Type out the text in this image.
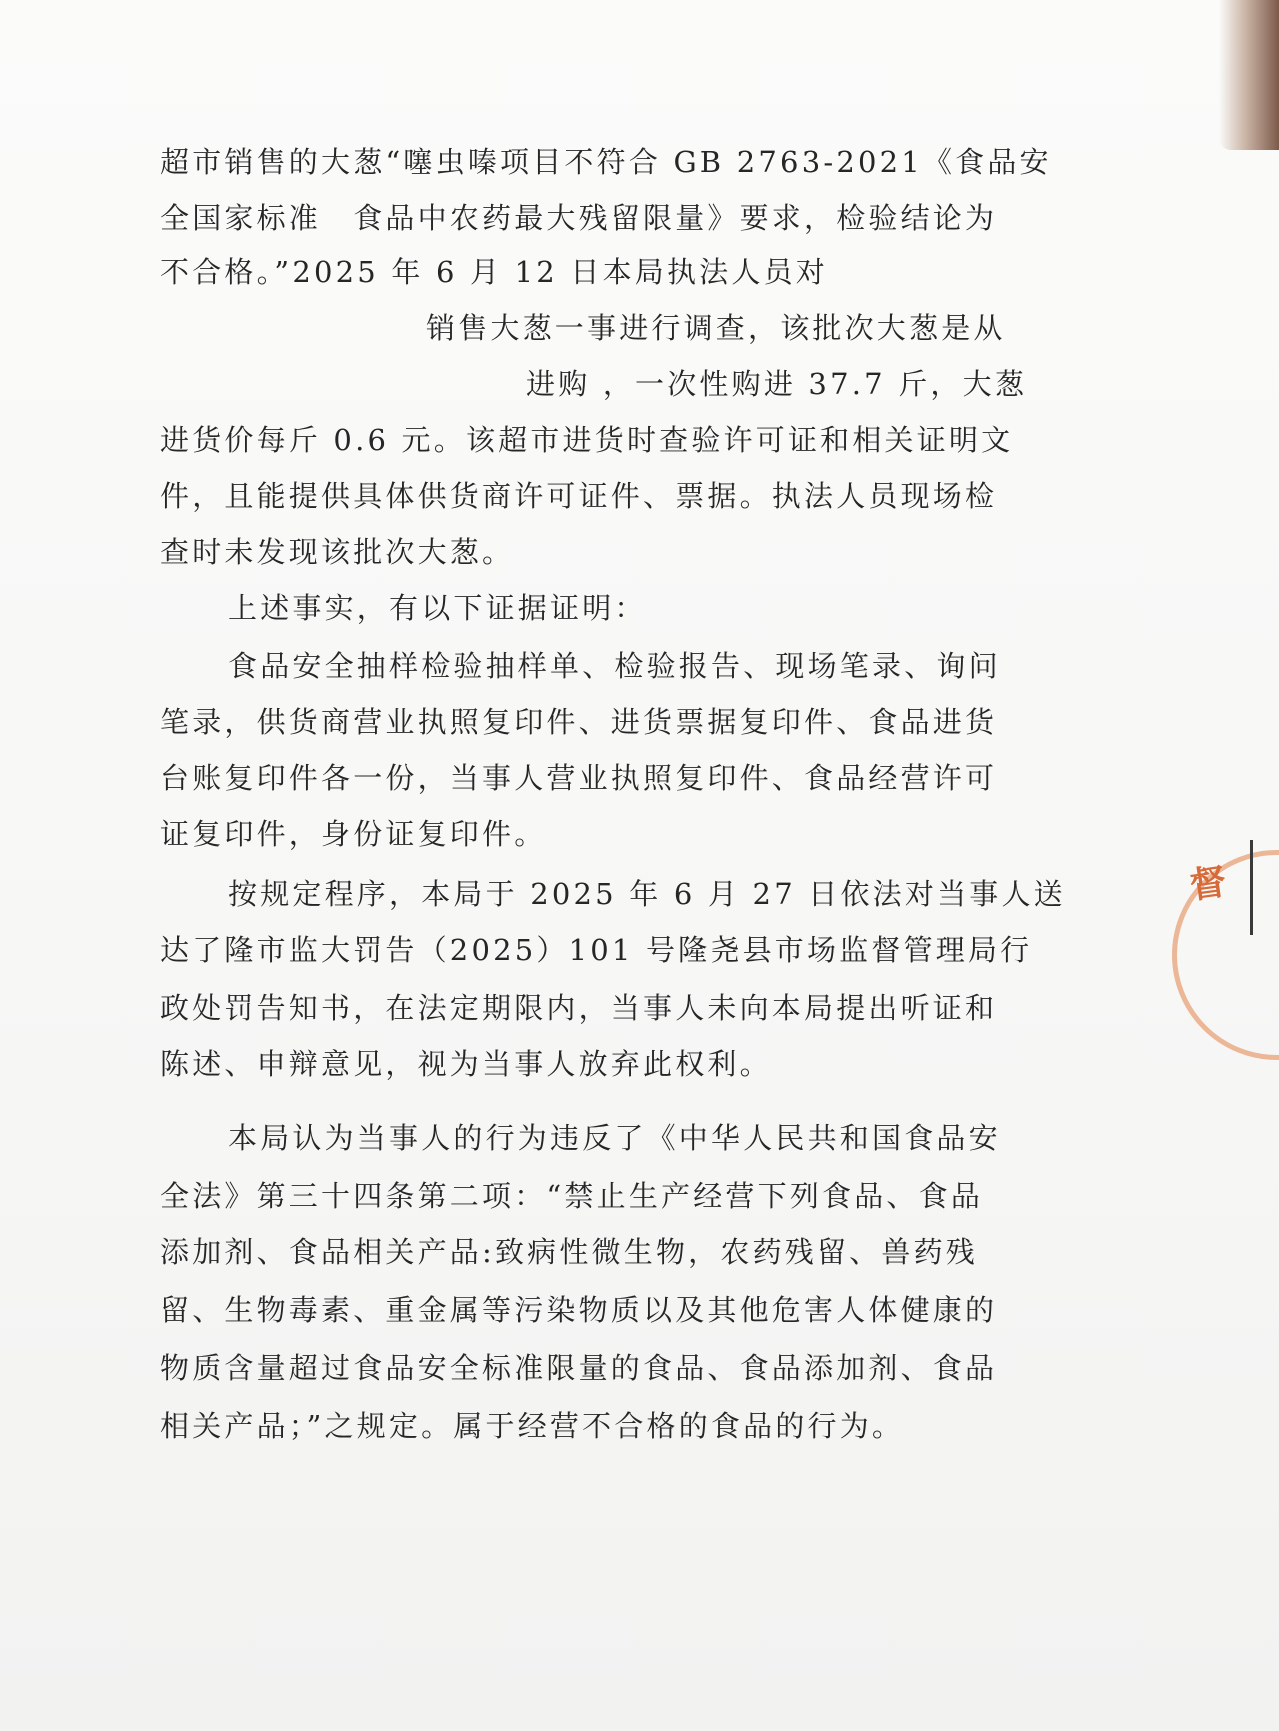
超市销售的大葱“噻虫嗪项目不符合 GB 2763-2021《食品安
全国家标准　食品中农药最大残留限量》要求，检验结论为
不合格。”2025 年 6 月 12 日本局执法人员对
销售大葱一事进行调查，该批次大葱是从
进购 ，一次性购进 37.7 斤，大葱
进货价每斤 0.6 元。该超市进货时查验许可证和相关证明文
件，且能提供具体供货商许可证件、票据。执法人员现场检
查时未发现该批次大葱。
上述事实，有以下证据证明：
食品安全抽样检验抽样单、检验报告、现场笔录、询问
笔录，供货商营业执照复印件、进货票据复印件、食品进货
台账复印件各一份，当事人营业执照复印件、食品经营许可
证复印件，身份证复印件。
按规定程序，本局于 2025 年 6 月 27 日依法对当事人送
达了隆市监大罚告（2025）101 号隆尧县市场监督管理局行
政处罚告知书，在法定期限内，当事人未向本局提出听证和
陈述、申辩意见，视为当事人放弃此权利。
本局认为当事人的行为违反了《中华人民共和国食品安
全法》第三十四条第二项：“禁止生产经营下列食品、食品
添加剂、食品相关产品:致病性微生物，农药残留、兽药残
留、生物毒素、重金属等污染物质以及其他危害人体健康的
物质含量超过食品安全标准限量的食品、食品添加剂、食品
相关产品；”之规定。属于经营不合格的食品的行为。
督
